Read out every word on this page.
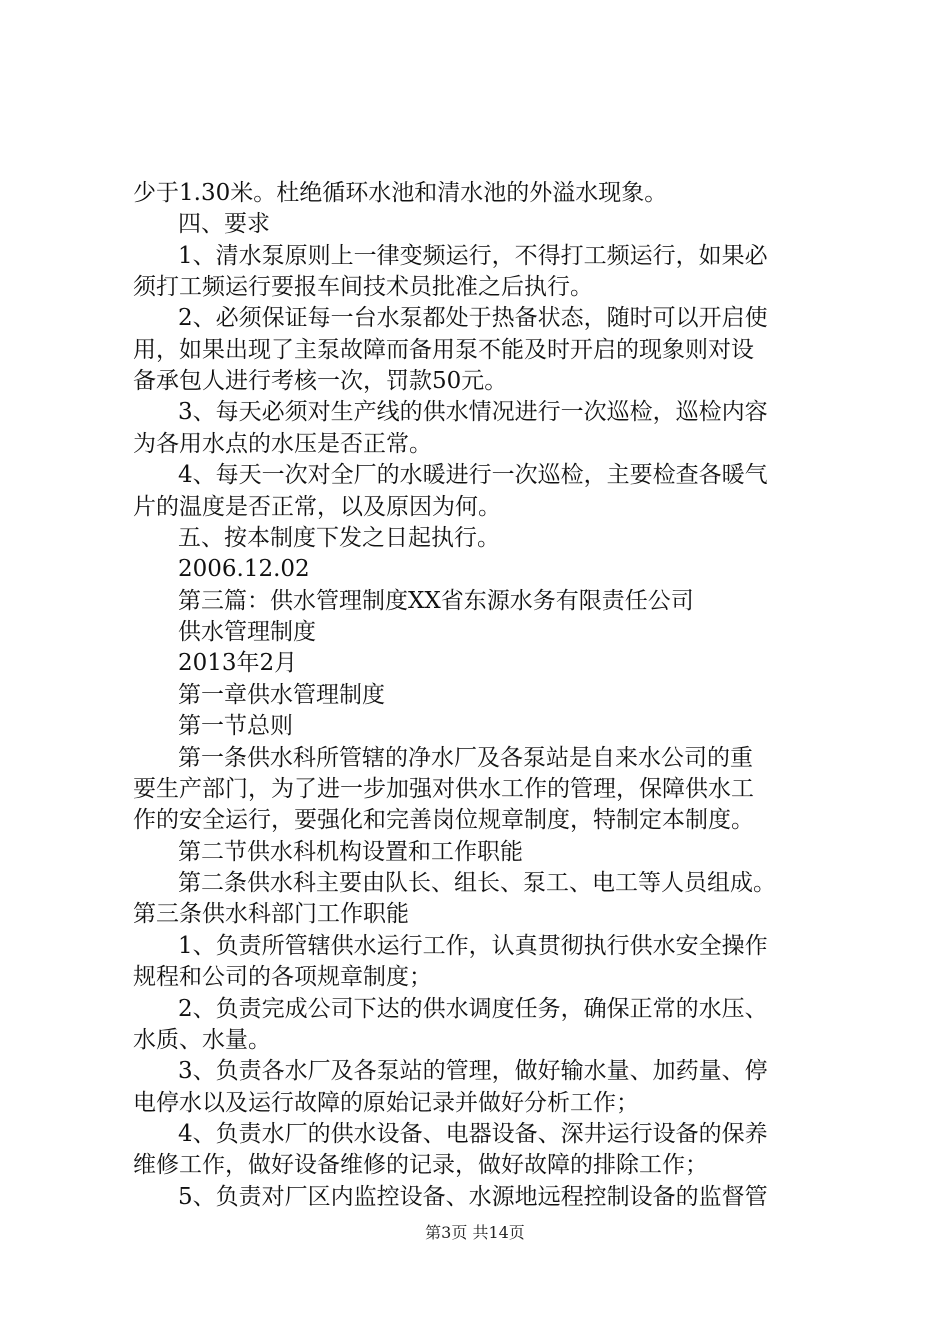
少于1.30米。杜绝循环水池和清水池的外溢水现象。
四、要求
1、清水泵原则上一律变频运行，不得打工频运行，如果必
须打工频运行要报车间技术员批准之后执行。
2、必须保证每一台水泵都处于热备状态，随时可以开启使
用，如果出现了主泵故障而备用泵不能及时开启的现象则对设
备承包人进行考核一次，罚款50元。
3、每天必须对生产线的供水情况进行一次巡检，巡检内容
为各用水点的水压是否正常。
4、每天一次对全厂的水暖进行一次巡检，主要检查各暖气
片的温度是否正常，以及原因为何。
五、按本制度下发之日起执行。
2006.12.02
第三篇：供水管理制度XX省东源水务有限责任公司
供水管理制度
2013年2月
第一章供水管理制度
第一节总则
第一条供水科所管辖的净水厂及各泵站是自来水公司的重
要生产部门，为了进一步加强对供水工作的管理，保障供水工
作的安全运行，要强化和完善岗位规章制度，特制定本制度。
第二节供水科机构设置和工作职能
第二条供水科主要由队长、组长、泵工、电工等人员组成。
第三条供水科部门工作职能
1、负责所管辖供水运行工作，认真贯彻执行供水安全操作
规程和公司的各项规章制度；
2、负责完成公司下达的供水调度任务，确保正常的水压、
水质、水量。
3、负责各水厂及各泵站的管理，做好输水量、加药量、停
电停水以及运行故障的原始记录并做好分析工作；
4、负责水厂的供水设备、电器设备、深井运行设备的保养
维修工作，做好设备维修的记录，做好故障的排除工作；
5、负责对厂区内监控设备、水源地远程控制设备的监督管
第3页 共14页
